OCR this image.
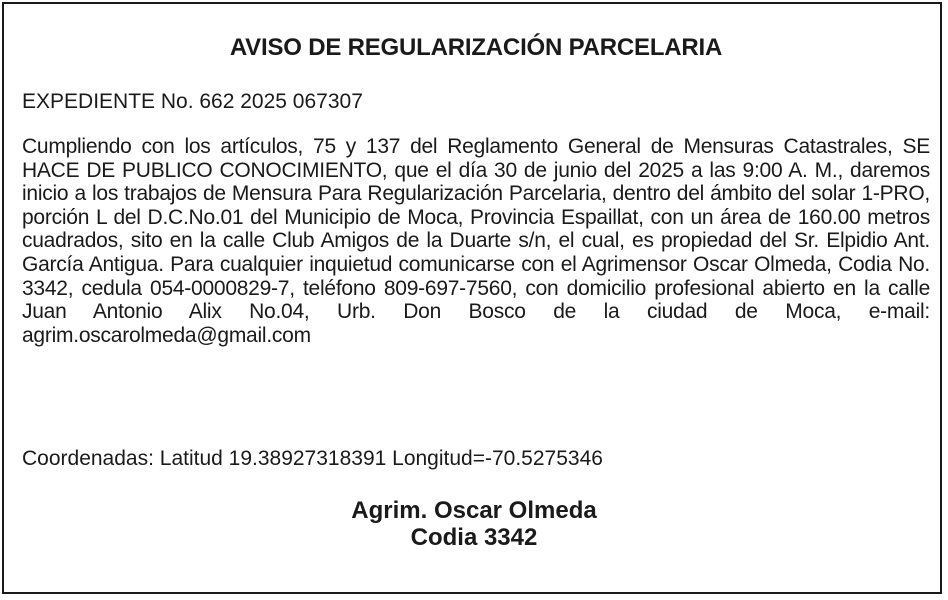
AVISO DE REGULARIZACIÓN PARCELARIA
EXPEDIENTE No. 662 2025 067307
Cumpliendo con los artículos, 75 y 137 del Reglamento General de Mensuras Catastrales, SE HACE DE PUBLICO CONOCIMIENTO, que el día 30 de junio del 2025 a las 9:00 A. M., daremos inicio a los trabajos de Mensura Para Regularización Parcelaria, dentro del ámbito del solar 1-PRO, porción L del D.C.No.01 del Municipio de Moca, Provincia Espaillat, con un área de 160.00 metros cuadrados, sito en la calle Club Amigos de la Duarte s/n, el cual, es propiedad del Sr. Elpidio Ant. García Antigua. Para cualquier inquietud comunicarse con el Agrimensor Oscar Olmeda, Codia No. 3342, cedula 054-0000829-7, teléfono 809-697-7560, con domicilio profesional abierto en la calle Juan Antonio Alix No.04, Urb. Don Bosco de la ciudad de Moca, e-mail: agrim.oscarolmeda@gmail.com
Coordenadas: Latitud 19.38927318391 Longitud=-70.5275346
Agrim. Oscar Olmeda
Codia 3342
